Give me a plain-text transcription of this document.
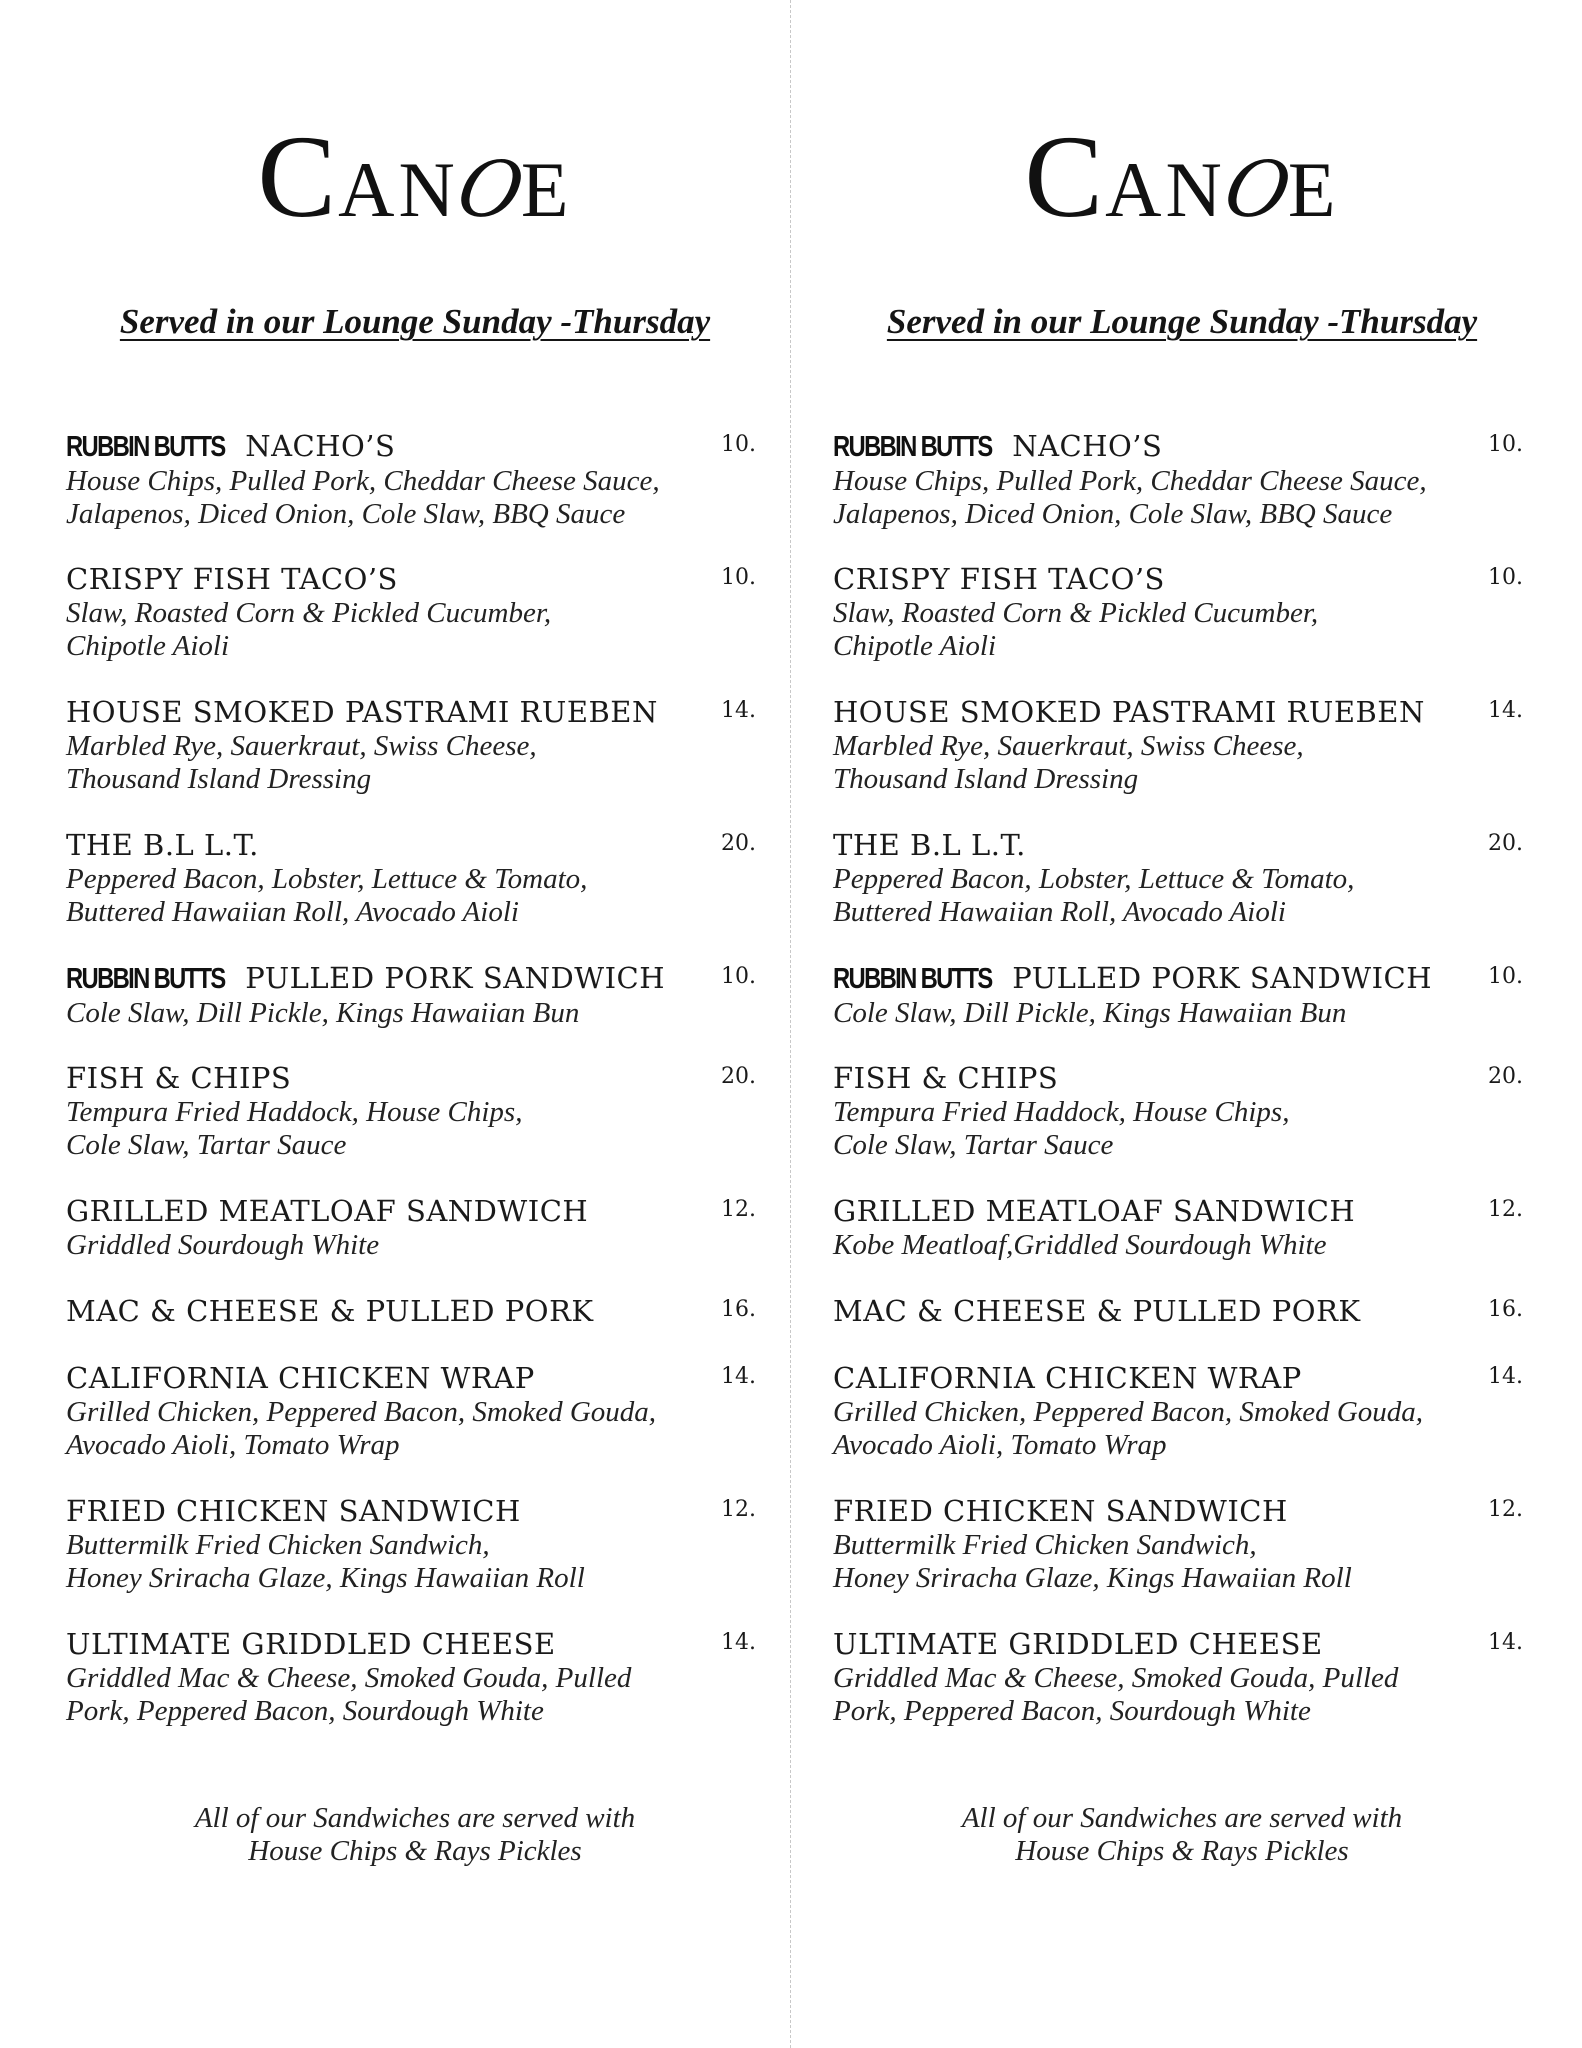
CANOE
Served in our Lounge Sunday -Thursday
RUBBIN BUTTS NACHO’S	10.
House Chips, Pulled Pork, Cheddar Cheese Sauce,
Jalapenos, Diced Onion, Cole Slaw, BBQ Sauce
CRISPY FISH TACO’S	10.
Slaw, Roasted Corn & Pickled Cucumber,
Chipotle Aioli
HOUSE SMOKED PASTRAMI RUEBEN	14.
Marbled Rye, Sauerkraut, Swiss Cheese,
Thousand Island Dressing
THE B.L L.T.	20.
Peppered Bacon, Lobster, Lettuce & Tomato,
Buttered Hawaiian Roll, Avocado Aioli
RUBBIN BUTTS PULLED PORK SANDWICH	10.
Cole Slaw, Dill Pickle, Kings Hawaiian Bun
FISH & CHIPS	20.
Tempura Fried Haddock, House Chips,
Cole Slaw, Tartar Sauce
GRILLED MEATLOAF SANDWICH	12.
Griddled Sourdough White
MAC & CHEESE & PULLED PORK	16.
CALIFORNIA CHICKEN WRAP	14.
Grilled Chicken, Peppered Bacon, Smoked Gouda,
Avocado Aioli, Tomato Wrap
FRIED CHICKEN SANDWICH	12.
Buttermilk Fried Chicken Sandwich,
Honey Sriracha Glaze, Kings Hawaiian Roll
ULTIMATE GRIDDLED CHEESE	14.
Griddled Mac & Cheese, Smoked Gouda, Pulled
Pork, Peppered Bacon, Sourdough White
All of our Sandwiches are served with
House Chips & Rays Pickles
CANOE
Served in our Lounge Sunday -Thursday
RUBBIN BUTTS NACHO’S	10.
House Chips, Pulled Pork, Cheddar Cheese Sauce,
Jalapenos, Diced Onion, Cole Slaw, BBQ Sauce
CRISPY FISH TACO’S	10.
Slaw, Roasted Corn & Pickled Cucumber,
Chipotle Aioli
HOUSE SMOKED PASTRAMI RUEBEN	14.
Marbled Rye, Sauerkraut, Swiss Cheese,
Thousand Island Dressing
THE B.L L.T.	20.
Peppered Bacon, Lobster, Lettuce & Tomato,
Buttered Hawaiian Roll, Avocado Aioli
RUBBIN BUTTS PULLED PORK SANDWICH	10.
Cole Slaw, Dill Pickle, Kings Hawaiian Bun
FISH & CHIPS	20.
Tempura Fried Haddock, House Chips,
Cole Slaw, Tartar Sauce
GRILLED MEATLOAF SANDWICH	12.
Kobe Meatloaf,Griddled Sourdough White
MAC & CHEESE & PULLED PORK	16.
CALIFORNIA CHICKEN WRAP	14.
Grilled Chicken, Peppered Bacon, Smoked Gouda,
Avocado Aioli, Tomato Wrap
FRIED CHICKEN SANDWICH	12.
Buttermilk Fried Chicken Sandwich,
Honey Sriracha Glaze, Kings Hawaiian Roll
ULTIMATE GRIDDLED CHEESE	14.
Griddled Mac & Cheese, Smoked Gouda, Pulled
Pork, Peppered Bacon, Sourdough White
All of our Sandwiches are served with
House Chips & Rays Pickles
